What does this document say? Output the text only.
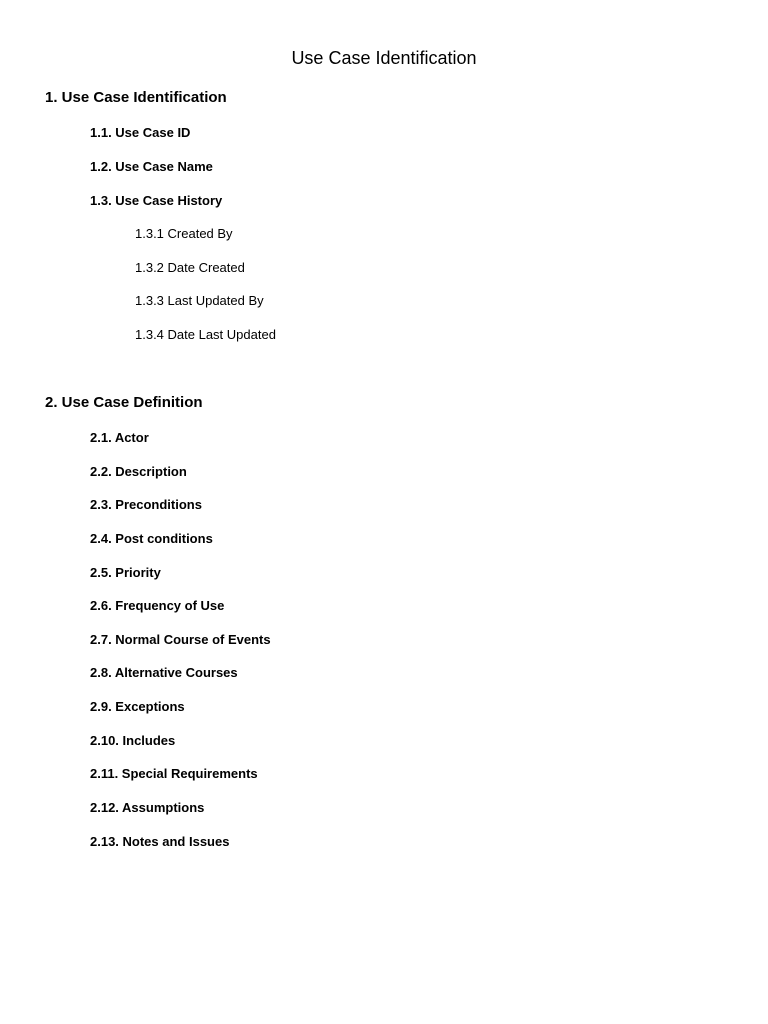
Use Case Identification
1. Use Case Identification
1.1. Use Case ID
1.2. Use Case Name
1.3. Use Case History
1.3.1 Created By
1.3.2 Date Created
1.3.3 Last Updated By
1.3.4 Date Last Updated
2. Use Case Definition
2.1. Actor
2.2. Description
2.3. Preconditions
2.4. Post conditions
2.5. Priority
2.6. Frequency of Use
2.7. Normal Course of Events
2.8. Alternative Courses
2.9. Exceptions
2.10. Includes
2.11. Special Requirements
2.12. Assumptions
2.13. Notes and Issues
